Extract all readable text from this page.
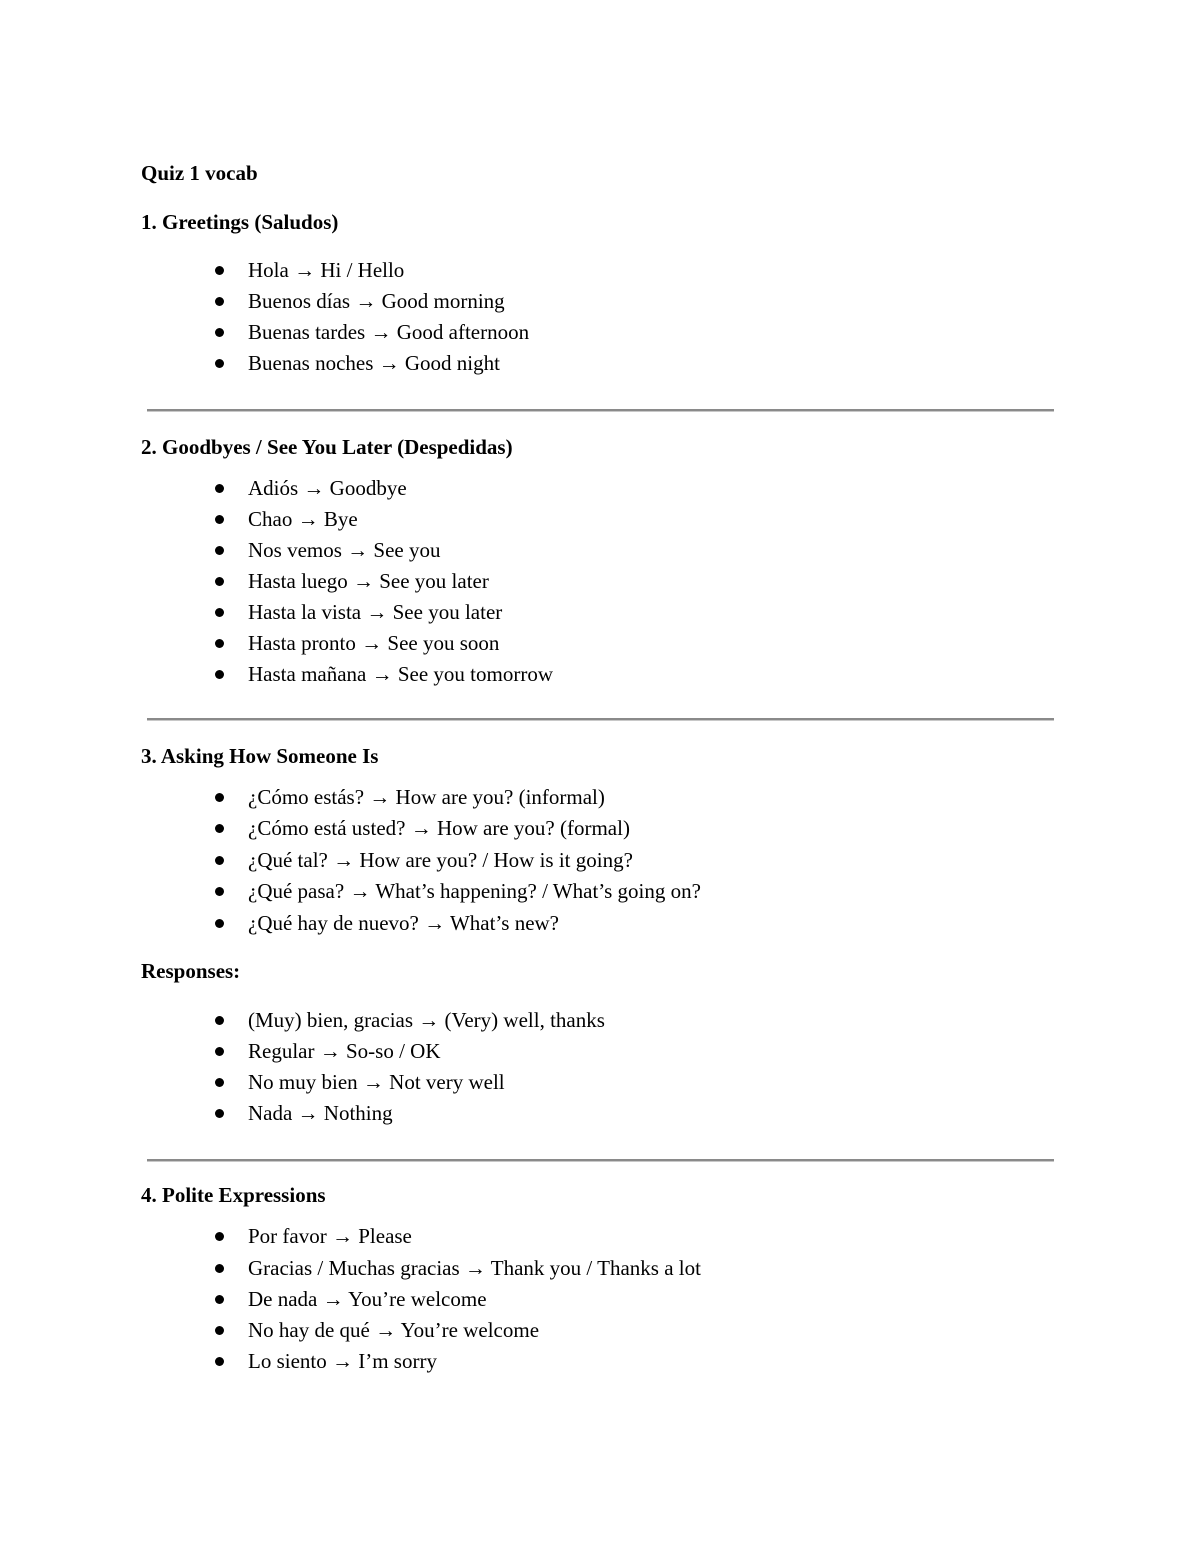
Quiz 1 vocab

1. Greetings (Saludos)

Hola → Hi / Hello
Buenos días → Good morning
Buenas tardes → Good afternoon
Buenas noches → Good night

2. Goodbyes / See You Later (Despedidas)

Adiós → Goodbye
Chao → Bye
Nos vemos → See you
Hasta luego → See you later
Hasta la vista → See you later
Hasta pronto → See you soon
Hasta mañana → See you tomorrow

3. Asking How Someone Is

¿Cómo estás? → How are you? (informal)
¿Cómo está usted? → How are you? (formal)
¿Qué tal? → How are you? / How is it going?
¿Qué pasa? → What’s happening? / What’s going on?
¿Qué hay de nuevo? → What’s new?

Responses:

(Muy) bien, gracias → (Very) well, thanks
Regular → So-so / OK
No muy bien → Not very well
Nada → Nothing

4. Polite Expressions

Por favor → Please
Gracias / Muchas gracias → Thank you / Thanks a lot
De nada → You’re welcome
No hay de qué → You’re welcome
Lo siento → I’m sorry
